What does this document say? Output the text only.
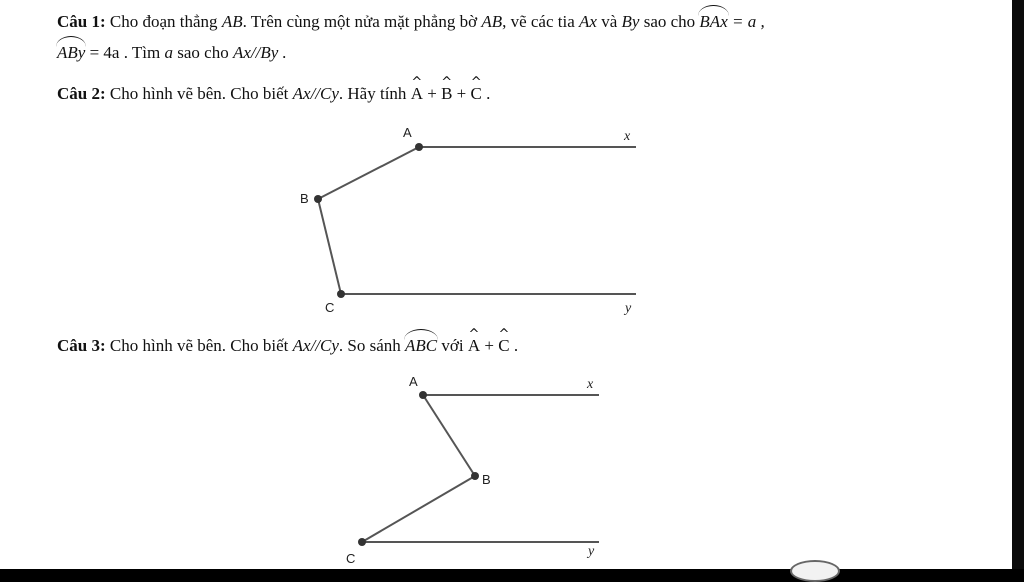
Câu 1: Cho đoạn thẳng AB. Trên cùng một nửa mặt phẳng bờ AB, vẽ các tia Ax và By sao cho BAx = a ,
ABy = 4a . Tìm a sao cho Ax//By .
Câu 2: Cho hình vẽ bên. Cho biết Ax//Cy. Hãy tính ^ A + ^ B + ^ C .
Câu 3: Cho hình vẽ bên. Cho biết Ax//Cy. So sánh ABC với ^ A + ^ C .
A
B
C
x
y
A
B
C
x
y
